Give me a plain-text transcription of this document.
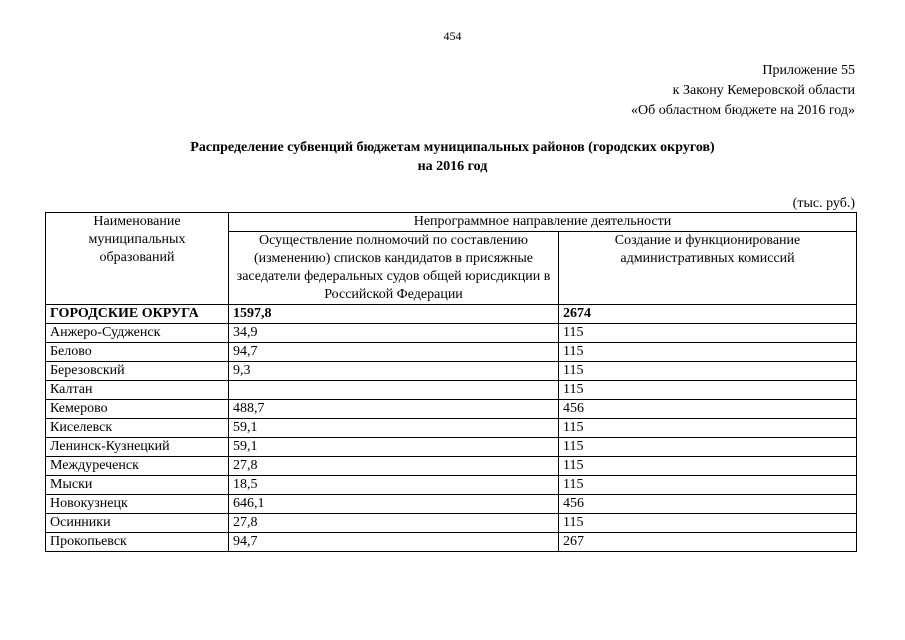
454
Приложение 55
к Закону Кемеровской области
«Об областном бюджете на 2016 год»
Распределение субвенций бюджетам муниципальных районов (городских округов)
на 2016 год
(тыс. руб.)
Наименование муниципальных образований	Непрограммное направление деятельности	
	Осуществление полномочий по составлению (изменению) списков кандидатов в присяжные заседатели федеральных судов общей юрисдикции в Российской Федерации	Создание и функционирование административных комиссий
ГОРОДСКИЕ ОКРУГА	1597,8	2674
Анжеро-Судженск	34,9	115
Белово	94,7	115
Березовский	9,3	115
Калтан		115
Кемерово	488,7	456
Киселевск	59,1	115
Ленинск-Кузнецкий	59,1	115
Междуреченск	27,8	115
Мыски	18,5	115
Новокузнецк	646,1	456
Осинники	27,8	115
Прокопьевск	94,7	267
